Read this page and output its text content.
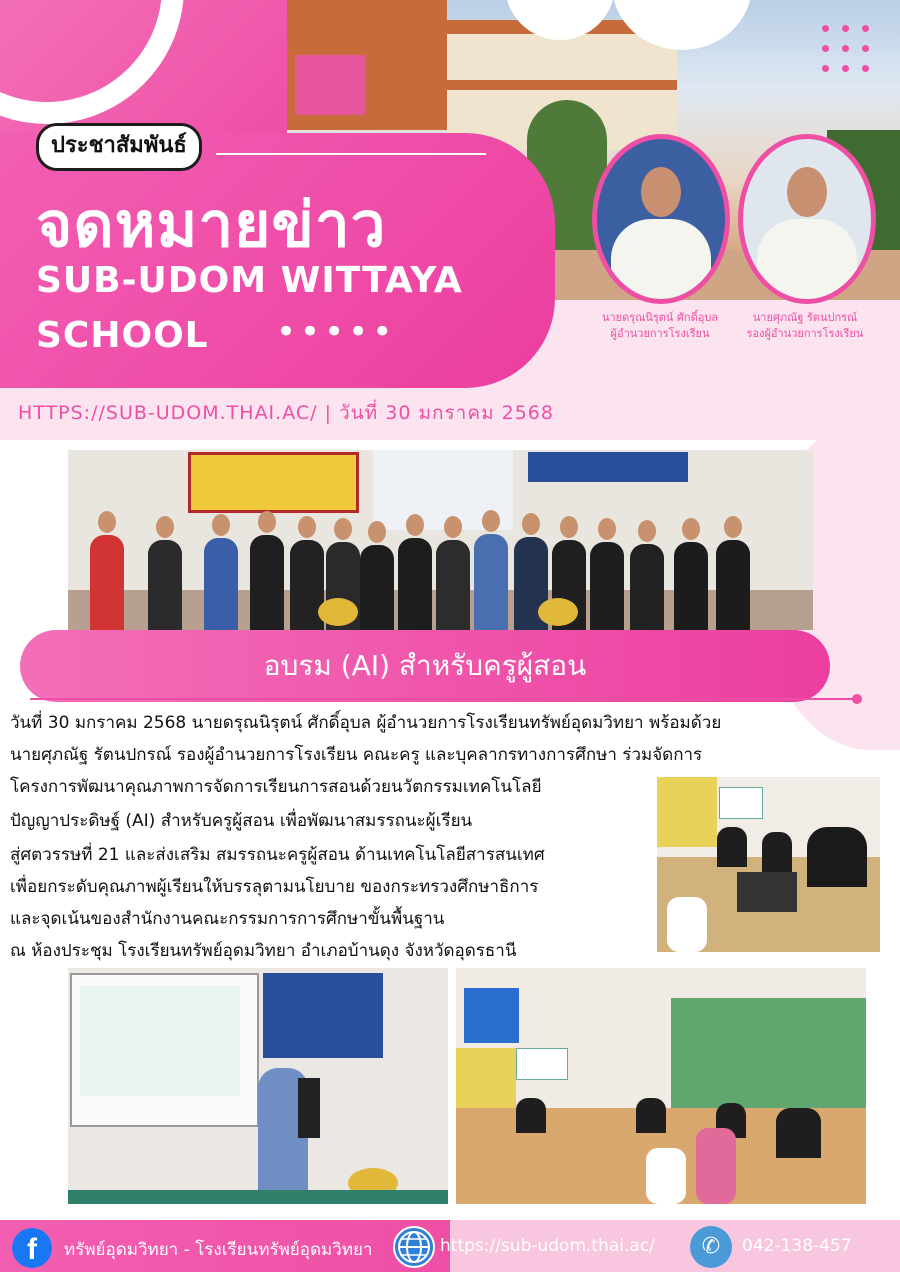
ประชาสัมพันธ์
จดหมายข่าว
SUB-UDOM WITTAYA
SCHOOL •••••	นายดรุณนิรุตน์ ศักดิ์อุบล
ผู้อำนวยการโรงเรียน
นายศุภณัฐ รัตนปกรณ์
รองผู้อำนวยการโรงเรียน
HTTPS://SUB-UDOM.THAI.AC/ | วันที่ 30 มกราคม 2568
อบรม (AI) สำหรับครูผู้สอน
วันที่ 30 มกราคม 2568 นายดรุณนิรุตน์ ศักดิ์อุบล ผู้อำนวยการโรงเรียนทรัพย์อุดมวิทยา พร้อมด้วย
นายศุภณัฐ รัตนปกรณ์ รองผู้อำนวยการโรงเรียน คณะครู และบุคลากรทางการศึกษา ร่วมจัดการ
โครงการพัฒนาคุณภาพการจัดการเรียนการสอนด้วยนวัตกรรมเทคโนโลยี
ปัญญาประดิษฐ์ (AI) สำหรับครูผู้สอน เพื่อพัฒนาสมรรถนะผู้เรียน
สู่ศตวรรษที่ 21 และส่งเสริม สมรรถนะครูผู้สอน ด้านเทคโนโลยีสารสนเทศ
เพื่อยกระดับคุณภาพผู้เรียนให้บรรลุตามนโยบาย ของกระทรวงศึกษาธิการ
และจุดเน้นของสำนักงานคณะกรรมการการศึกษาขั้นพื้นฐาน
ณ ห้องประชุม โรงเรียนทรัพย์อุดมวิทยา อำเภอบ้านดุง จังหวัดอุดรธานี
f	ทรัพย์อุดมวิทยา - โรงเรียนทรัพย์อุดมวิทยา	https://sub-udom.thai.ac/	✆	042-138-457
